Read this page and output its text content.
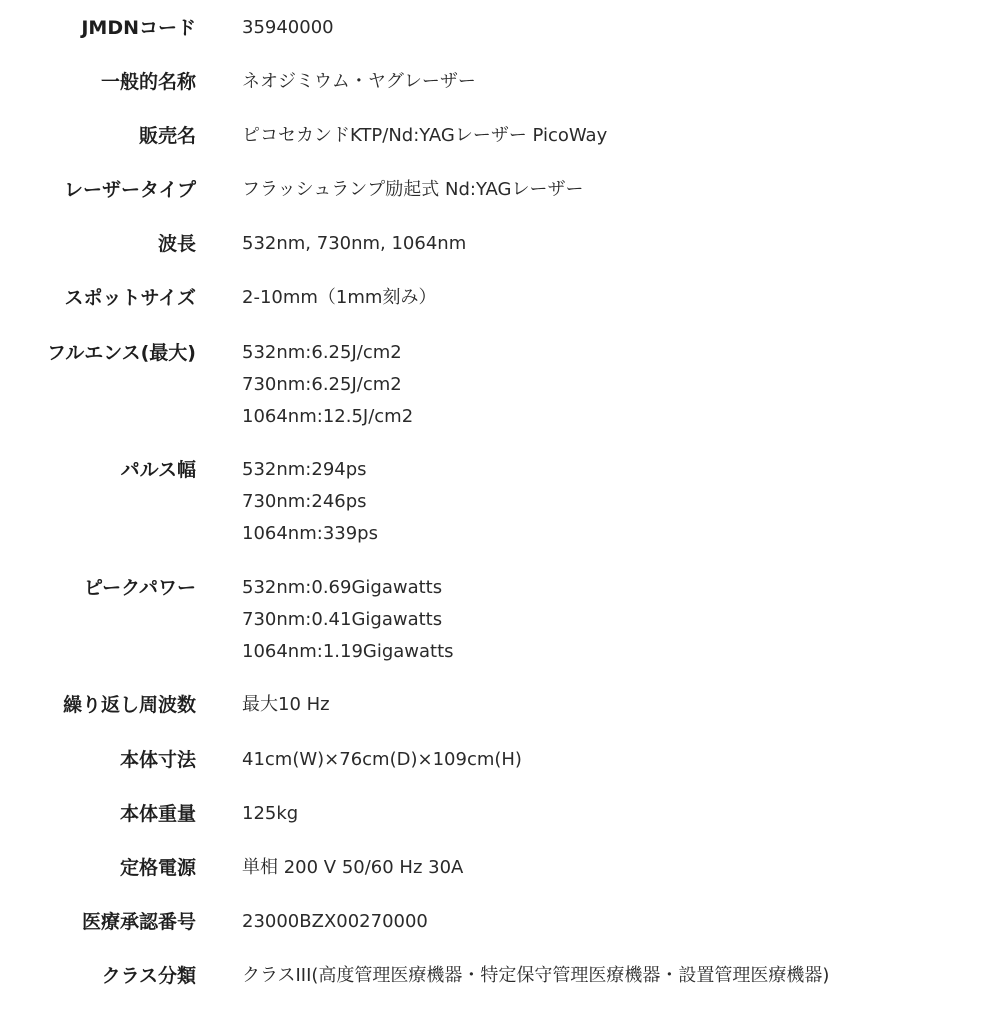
JMDNコード	35940000
一般的名称	ネオジミウム・ヤグレーザー
販売名	ピコセカンドKTP/Nd:YAGレーザー PicoWay
レーザータイプ	フラッシュランプ励起式 Nd:YAGレーザー
波長	532nm, 730nm, 1064nm
スポットサイズ	2-10mm（1mm刻み）
フルエンス(最大)	532nm:6.25J/cm2
730nm:6.25J/cm2
1064nm:12.5J/cm2
パルス幅	532nm:294ps
730nm:246ps
1064nm:339ps
ピークパワー	532nm:0.69Gigawatts
730nm:0.41Gigawatts
1064nm:1.19Gigawatts
繰り返し周波数	最大10 Hz
本体寸法	41cm(W)×76cm(D)×109cm(H)
本体重量	125kg
定格電源	単相 200 V 50/60 Hz 30A
医療承認番号	23000BZX00270000
クラス分類	クラスIII(高度管理医療機器・特定保守管理医療機器・設置管理医療機器)
